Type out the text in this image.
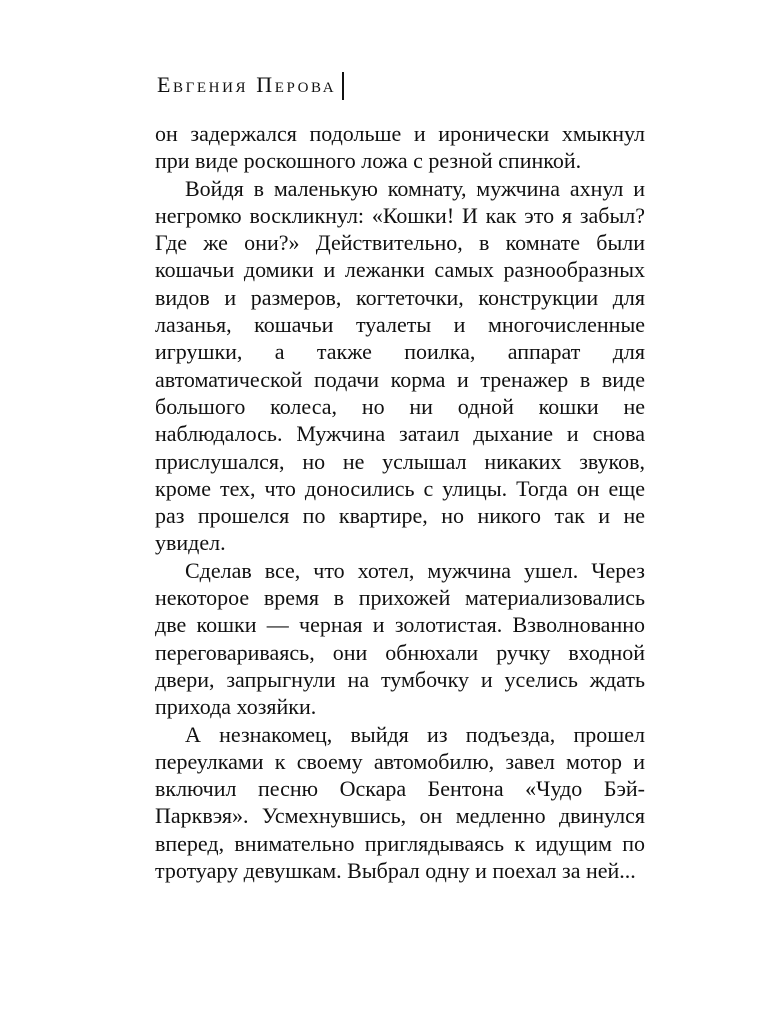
Евгения Перова

он задержался подольше и иронически хмыкнул при виде роскошного ложа с резной спинкой.

Войдя в маленькую комнату, мужчина ахнул и негромко воскликнул: «Кошки! И как это я забыл? Где же они?» Действительно, в комнате были кошачьи домики и лежанки самых разнообразных видов и размеров, когтеточки, конструкции для лазанья, кошачьи туалеты и многочисленные игрушки, а также поилка, аппарат для автоматической подачи корма и тренажер в виде большого колеса, но ни одной кошки не наблюдалось. Мужчина затаил дыхание и снова прислушался, но не услышал никаких звуков, кроме тех, что доносились с улицы. Тогда он еще раз прошелся по квартире, но никого так и не увидел.

Сделав все, что хотел, мужчина ушел. Через некоторое время в прихожей материализовались две кошки — черная и золотистая. Взволнованно переговариваясь, они обнюхали ручку входной двери, запрыгнули на тумбочку и уселись ждать прихода хозяйки.

А незнакомец, выйдя из подъезда, прошел переулками к своему автомобилю, завел мотор и включил песню Оскара Бентона «Чудо Бэй-Парквэя». Усмехнувшись, он медленно двинулся вперед, внимательно приглядываясь к идущим по тротуару девушкам. Выбрал одну и поехал за ней...
